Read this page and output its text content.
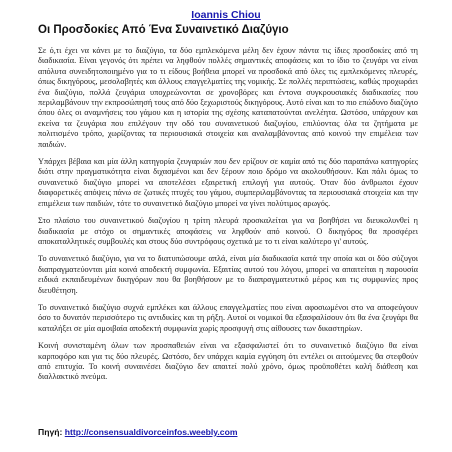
Ioannis Chiou
Οι Προσδοκίες Από Ένα Συναινετικό Διαζύγιο

Σε ό,τι έχει να κάνει με το διαζύγιο, τα δύο εμπλεκόμενα μέλη δεν έχουν πάντα τις ίδιες προσδοκίες από τη διαδικασία. Είναι γεγονός ότι πρέπει να ληφθούν πολλές σημαντικές αποφάσεις και το ίδιο το ζευγάρι να είναι απόλυτα συνειδητοποιημένο για το τι είδους βοήθεια μπορεί να προσδοκά από όλες τις εμπλεκόμενες πλευρές, όπως δικηγόρους, μεσολαβητές και άλλους επαγγελματίες της νομικής. Σε πολλές περιπτώσεις, καθώς προχωράει ένα διαζύγιο, πολλά ζευγάρια υποχρεώνονται σε χρονοβόρες και έντονα συγκρουσιακές διαδικασίες που περιλαμβάνουν την εκπροσώπησή τους από δύο ξεχωριστούς δικηγόρους. Αυτό είναι και το πιο επώδυνο διαζύγιο όπου όλες οι αναμνήσεις του γάμου και η ιστορία της σχέσης καταπατούνται ανελέητα. Ωστόσο, υπάρχουν και εκείνα τα ζευγάρια που επιλέγουν την οδό του συναινετικού διαζυγίου, επιλύοντας όλα τα ζητήματα με πολιτισμένο τρόπο, χωρίζοντας τα περιουσιακά στοιχεία και αναλαμβάνοντας από κοινού την επιμέλεια των παιδιών.

Υπάρχει βέβαια και μία άλλη κατηγορία ζευγαριών που δεν ερίζουν σε καμία από τις δύο παραπάνω κατηγορίες διότι στην πραγματικότητα είναι διχασμένοι και δεν ξέρουν ποιο δρόμο να ακολουθήσουν. Και πάλι όμως το συναινετικό διαζύγιο μπορεί να αποτελέσει εξαιρετική επιλογή για αυτούς. Όταν δύο άνθρωποι έχουν διαφορετικές απόψεις πάνω σε ζωτικές πτυχές του γάμου, συμπεριλαμβάνοντας τα περιουσιακά στοιχεία και την επιμέλεια των παιδιών, τότε το συναινετικό διαζύγιο μπορεί να γίνει πολύτιμος αρωγός.

Στο πλαίσιο του συναινετικού διαζυγίου η τρίτη πλευρά προσκαλείται για να βοηθήσει να διευκολυνθεί η διαδικασία με στόχο οι σημαντικές αποφάσεις να ληφθούν από κοινού. Ο δικηγόρος θα προσφέρει αποκαταλλητικές συμβουλές και στους δύο συντρόφους σχετικά με το τι είναι καλύτερο γι' αυτούς.

Το συναινετικό διαζύγιο, για να το διατυπώσουμε απλά, είναι μία διαδικασία κατά την οποία και οι δύο σύζυγοι διαπραγματεύονται μία κοινά αποδεκτή συμφωνία. Εξαιτίας αυτού του λόγου, μπορεί να απαιτείται η παρουσία ειδικά εκπαιδευμένων δικηγόρων που θα βοηθήσουν με το διαπραγματευτικό μέρος και τις συμφωνίες προς διευθέτηση.

Το συναινετικό διαζύγιο συχνά εμπλέκει και άλλους επαγγελματίες που είναι αφοσιωμένοι στο να αποφεύγουν όσο το δυνατόν περισσότερο τις αντιδικίες και τη ρήξη. Αυτοί οι νομικοί θα εξασφαλίσουν ότι θα ένα ζευγάρι θα καταλήξει σε μία αμοιβαία αποδεκτή συμφωνία χωρίς προσφυγή στις αίθουσες των δικαστηρίων.

Κοινή συνισταμένη όλων των προσπαθειών είναι να εξασφαλιστεί ότι το συναινετικό διαζύγιο θα είναι καρποφόρο και για τις δύο πλευρές. Ωστόσο, δεν υπάρχει καμία εγγύηση ότι εντέλει οι αιτούμενες θα στεφθούν από επιτυχία. Το κοινή συναινέσει διαζύγιο δεν απαιτεί πολύ χρόνο, όμως προϋποθέτει καλή διάθεση και διαλλακτικό πνεύμα.

Πηγή: http://consensualdivorceinfos.weebly.com
